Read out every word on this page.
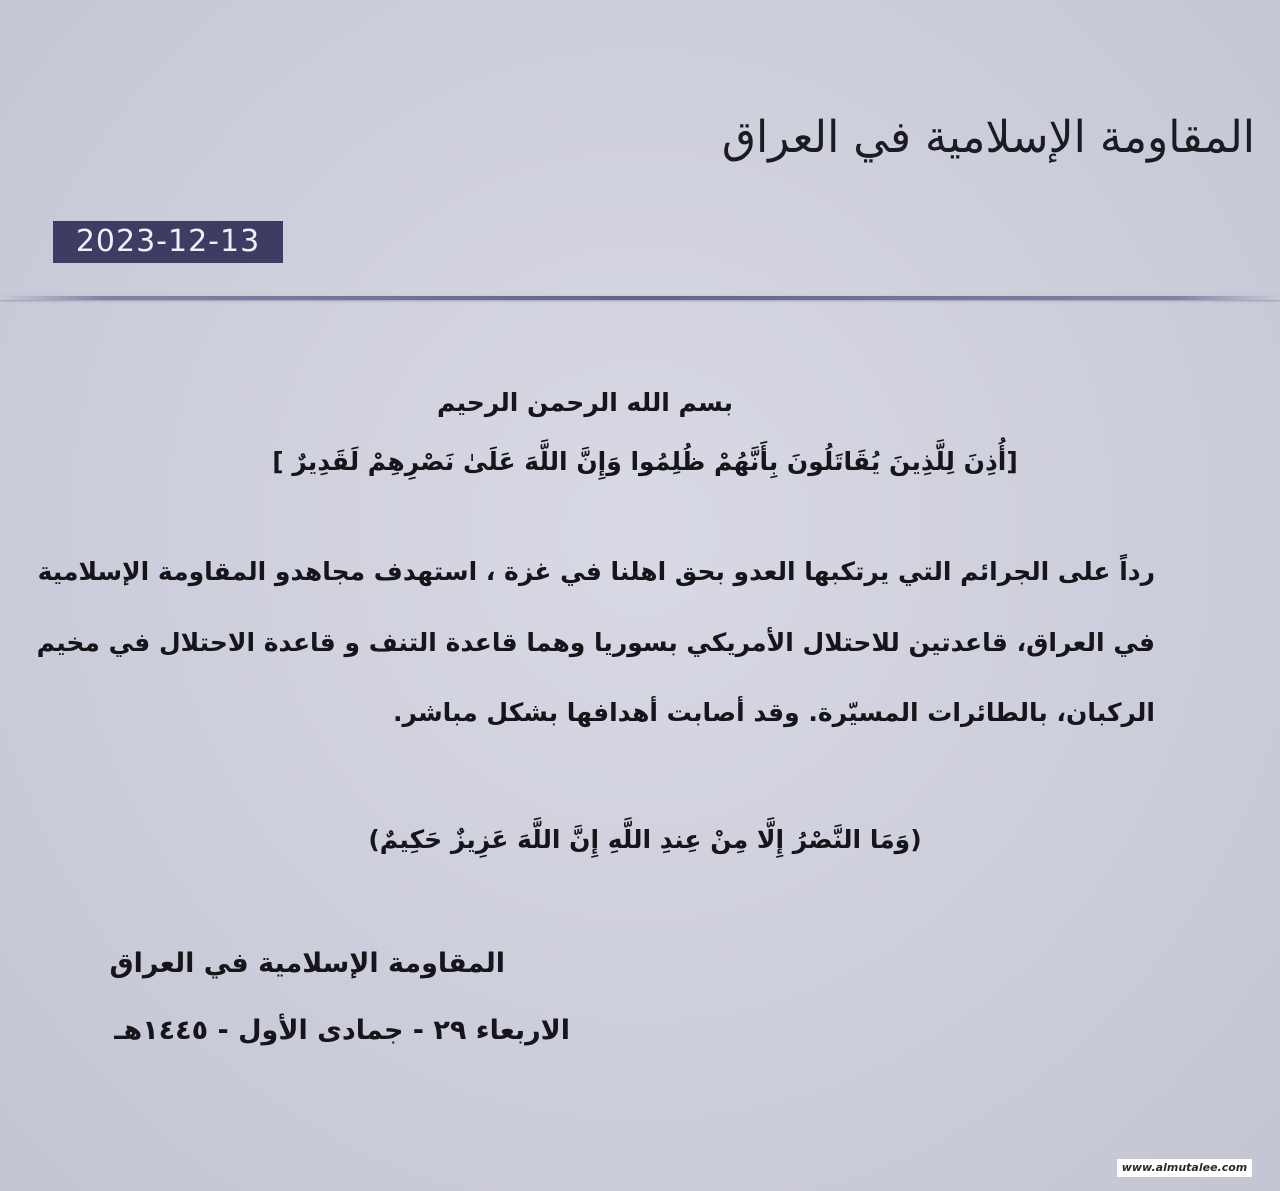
المقاومة الإسلامية في العراق
2023-12-13
بسم الله الرحمن الرحيم
[أُذِنَ لِلَّذِينَ يُقَاتَلُونَ بِأَنَّهُمْ ظُلِمُوا وَإِنَّ اللَّهَ عَلَىٰ نَصْرِهِمْ لَقَدِيرٌ ]
رداً على الجرائم التي يرتكبها العدو بحق اهلنا في غزة ، استهدف مجاهدو المقاومة الإسلامية
في العراق، قاعدتين للاحتلال الأمريكي بسوريا وهما قاعدة التنف و قاعدة الاحتلال في مخيم
الركبان، بالطائرات المسيّرة. وقد أصابت أهدافها بشكل مباشر.
(وَمَا النَّصْرُ إِلَّا مِنْ عِندِ اللَّهِ إِنَّ اللَّهَ عَزِيزٌ حَكِيمٌ)
المقاومة الإسلامية في العراق
الاربعاء ٢٩ - جمادى الأول - ١٤٤٥هـ
www.almutalee.com
